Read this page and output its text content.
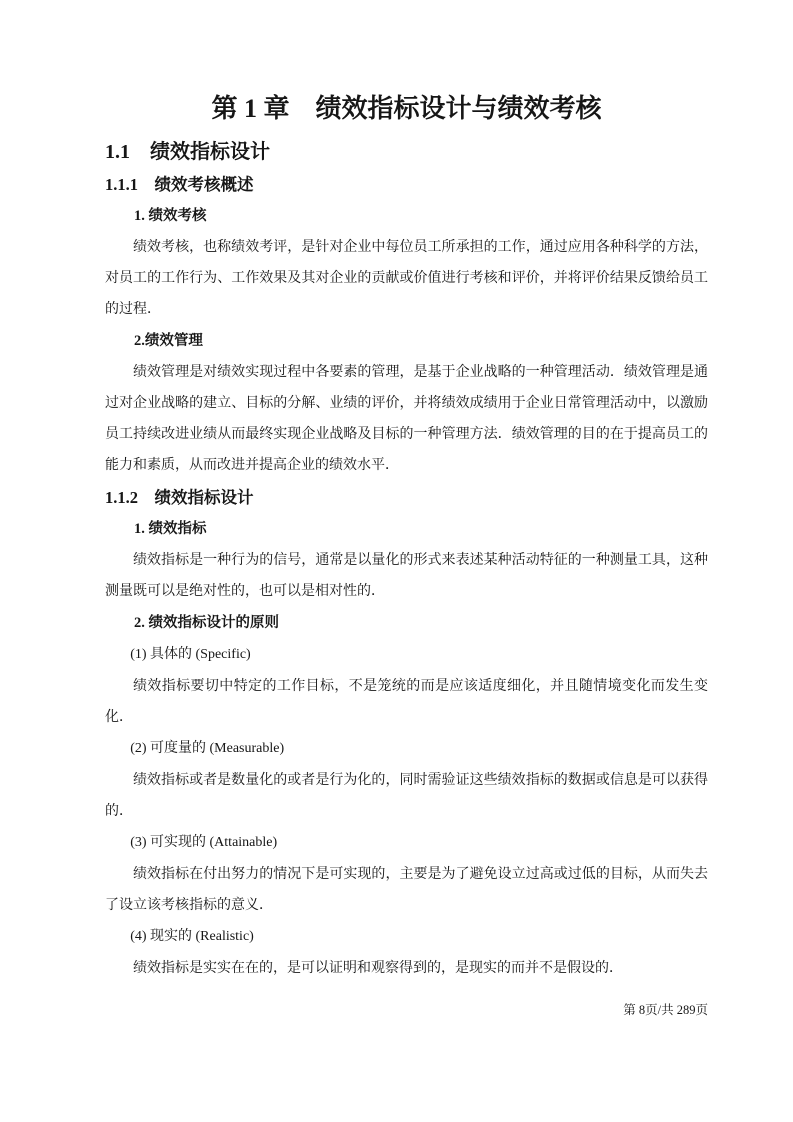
第 1 章　绩效指标设计与绩效考核
1.1　绩效指标设计
1.1.1　绩效考核概述
1. 绩效考核

绩效考核，也称绩效考评，是针对企业中每位员工所承担的工作，通过应用各种科学的方法，对员工的工作行为、工作效果及其对企业的贡献或价值进行考核和评价，并将评价结果反馈给员工的过程．

2.绩效管理

绩效管理是对绩效实现过程中各要素的管理，是基于企业战略的一种管理活动．绩效管理是通过对企业战略的建立、目标的分解、业绩的评价，并将绩效成绩用于企业日常管理活动中，以激励员工持续改进业绩从而最终实现企业战略及目标的一种管理方法．绩效管理的目的在于提高员工的能力和素质，从而改进并提高企业的绩效水平．

1.1.2　绩效指标设计
1. 绩效指标

绩效指标是一种行为的信号，通常是以量化的形式来表述某种活动特征的一种测量工具，这种测量既可以是绝对性的，也可以是相对性的．

2. 绩效指标设计的原则
(1) 具体的 (Specific)

绩效指标要切中特定的工作目标，不是笼统的而是应该适度细化，并且随情境变化而发生变化．

(2) 可度量的 (Measurable)

绩效指标或者是数量化的或者是行为化的，同时需验证这些绩效指标的数据或信息是可以获得的．

(3) 可实现的 (Attainable)

绩效指标在付出努力的情况下是可实现的，主要是为了避免设立过高或过低的目标，从而失去了设立该考核指标的意义．

(4) 现实的 (Realistic)

绩效指标是实实在在的，是可以证明和观察得到的，是现实的而并不是假设的．

第 8页/共 289页
